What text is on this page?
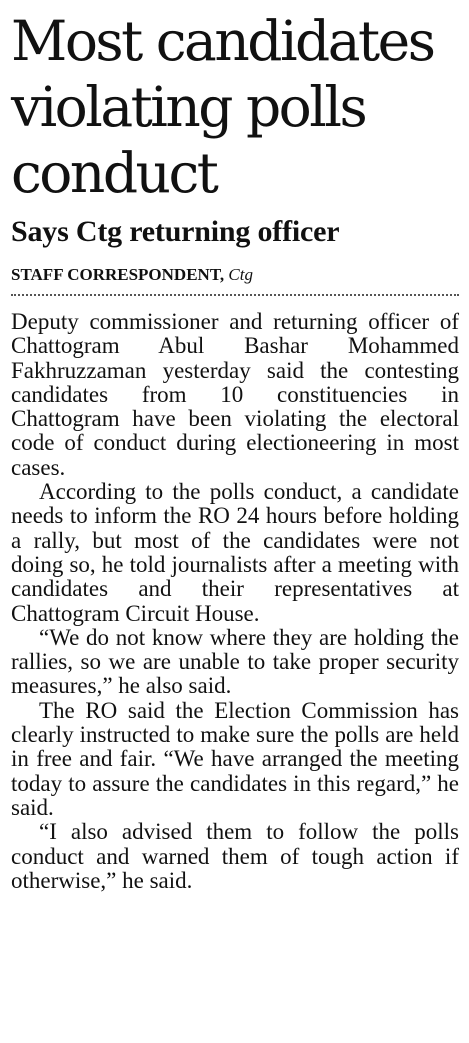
Most candidates violating polls conduct
Says Ctg returning officer
STAFF CORRESPONDENT, Ctg

Deputy commissioner and returning officer of Chattogram Abul Bashar Mohammed Fakhruzzaman yesterday said the contesting candidates from 10 constituencies in Chattogram have been violating the electoral code of conduct during electioneering in most cases.

According to the polls conduct, a candidate needs to inform the RO 24 hours before holding a rally, but most of the candidates were not doing so, he told journalists after a meeting with candidates and their representatives at Chattogram Circuit House.

“We do not know where they are holding the rallies, so we are unable to take proper security measures,” he also said.

The RO said the Election Commission has clearly instructed to make sure the polls are held in free and fair. “We have arranged the meeting today to assure the candidates in this regard,” he said.

“I also advised them to follow the polls conduct and warned them of tough action if otherwise,” he said.
